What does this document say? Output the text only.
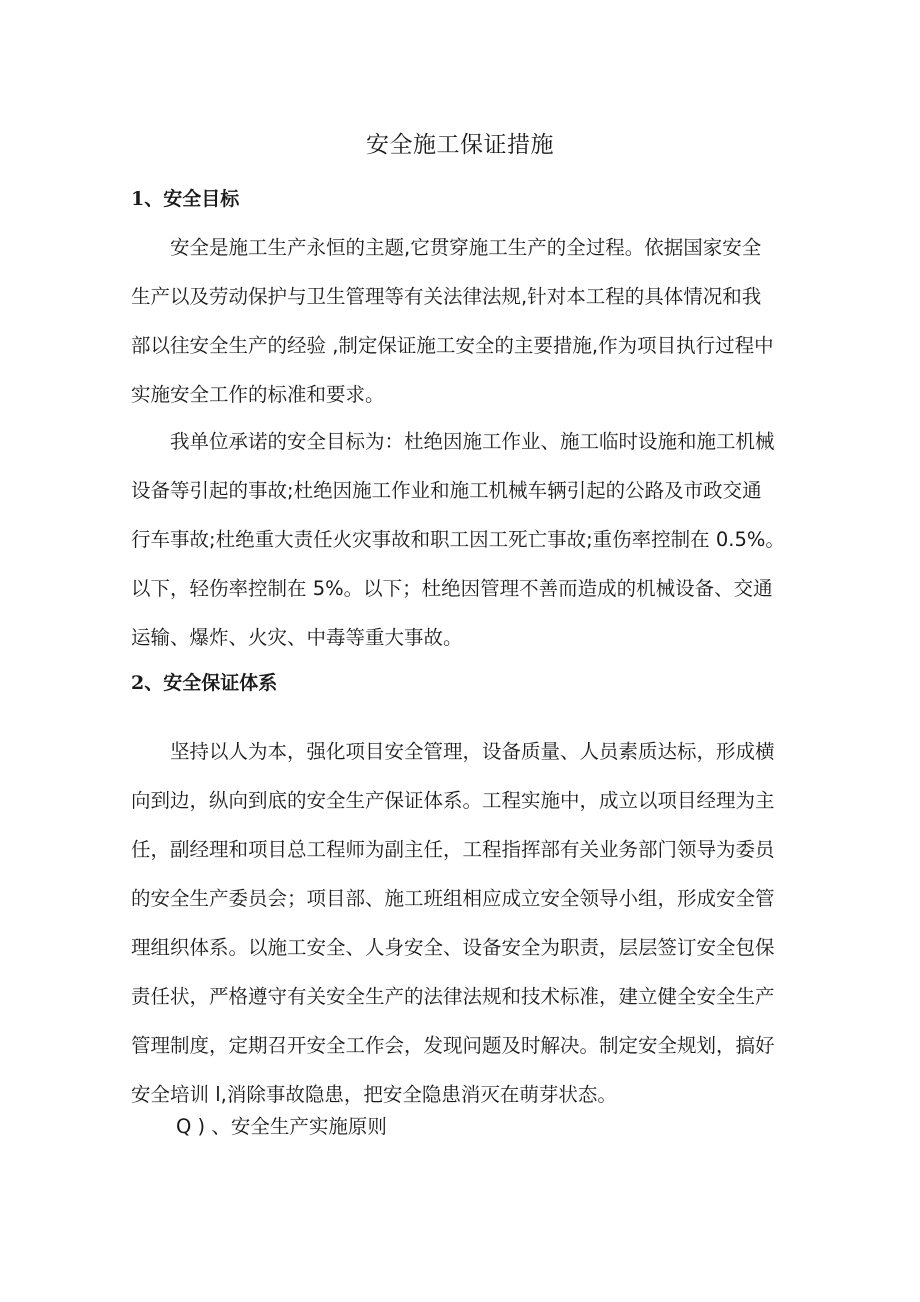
安全施工保证措施
1、安全目标

安全是施工生产永恒的主题,它贯穿施工生产的全过程。依据国家安全
生产以及劳动保护与卫生管理等有关法律法规,针对本工程的具体情况和我
部以往安全生产的经验 ,制定保证施工安全的主要措施,作为项目执行过程中
实施安全工作的标准和要求。

我单位承诺的安全目标为：杜绝因施工作业、施工临时设施和施工机械
设备等引起的事故;杜绝因施工作业和施工机械车辆引起的公路及市政交通
行车事故;杜绝重大责任火灾事故和职工因工死亡事故;重伤率控制在 0.5%。
以下，轻伤率控制在 5%。以下；杜绝因管理不善而造成的机械设备、交通
运输、爆炸、火灾、中毒等重大事故。

2、安全保证体系

坚持以人为本，强化项目安全管理，设备质量、人员素质达标，形成横
向到边，纵向到底的安全生产保证体系。工程实施中，成立以项目经理为主
任，副经理和项目总工程师为副主任，工程指挥部有关业务部门领导为委员
的安全生产委员会；项目部、施工班组相应成立安全领导小组，形成安全管
理组织体系。以施工安全、人身安全、设备安全为职责，层层签订安全包保
责任状，严格遵守有关安全生产的法律法规和技术标准，建立健全安全生产
管理制度，定期召开安全工作会，发现问题及时解决。制定安全规划，搞好
安全培训 l,消除事故隐患，把安全隐患消灭在萌芽状态。

Q ) 、安全生产实施原则
